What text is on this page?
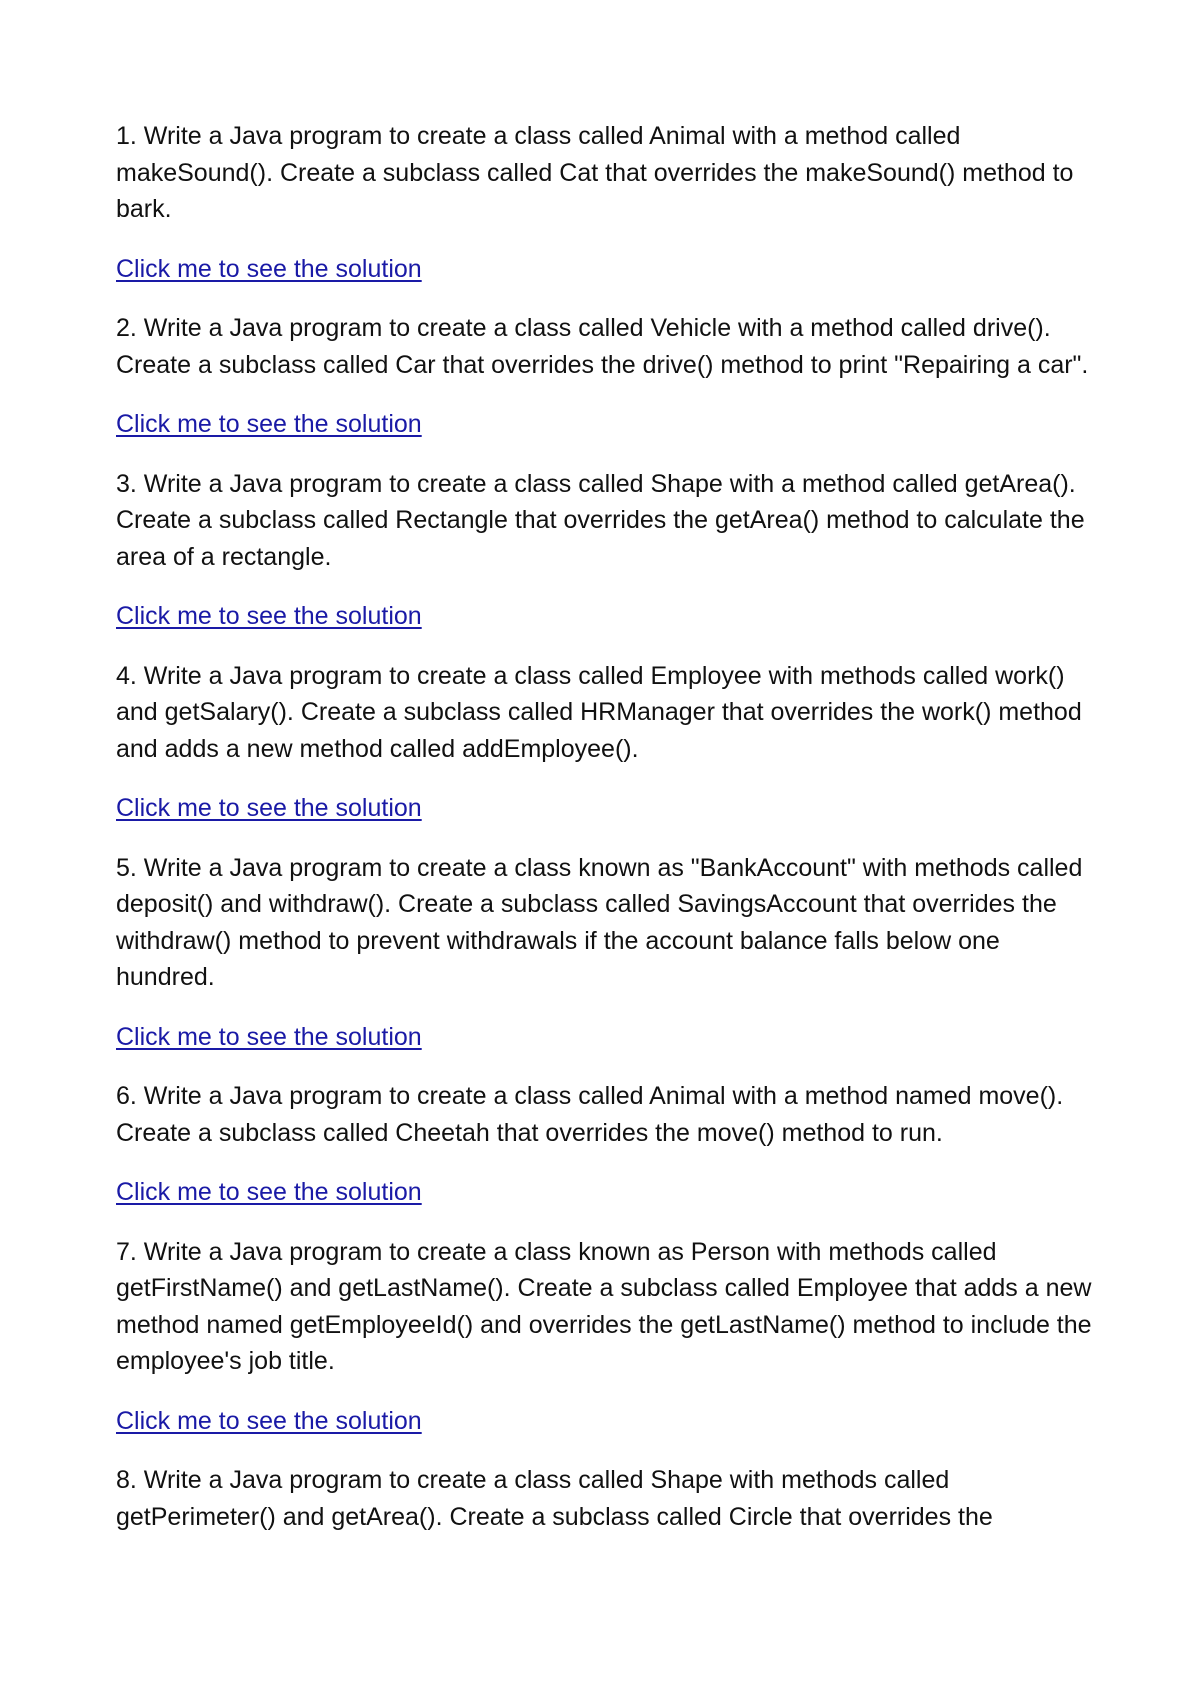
1. Write a Java program to create a class called Animal with a method called makeSound(). Create a subclass called Cat that overrides the makeSound() method to bark.

Click me to see the solution

2. Write a Java program to create a class called Vehicle with a method called drive(). Create a subclass called Car that overrides the drive() method to print "Repairing a car".

Click me to see the solution

3. Write a Java program to create a class called Shape with a method called getArea(). Create a subclass called Rectangle that overrides the getArea() method to calculate the area of a rectangle.

Click me to see the solution

4. Write a Java program to create a class called Employee with methods called work() and getSalary(). Create a subclass called HRManager that overrides the work() method and adds a new method called addEmployee().

Click me to see the solution

5. Write a Java program to create a class known as "BankAccount" with methods called deposit() and withdraw(). Create a subclass called SavingsAccount that overrides the withdraw() method to prevent withdrawals if the account balance falls below one hundred.

Click me to see the solution

6. Write a Java program to create a class called Animal with a method named move(). Create a subclass called Cheetah that overrides the move() method to run.

Click me to see the solution

7. Write a Java program to create a class known as Person with methods called getFirstName() and getLastName(). Create a subclass called Employee that adds a new method named getEmployeeId() and overrides the getLastName() method to include the employee's job title.

Click me to see the solution

8. Write a Java program to create a class called Shape with methods called getPerimeter() and getArea(). Create a subclass called Circle that overrides the
